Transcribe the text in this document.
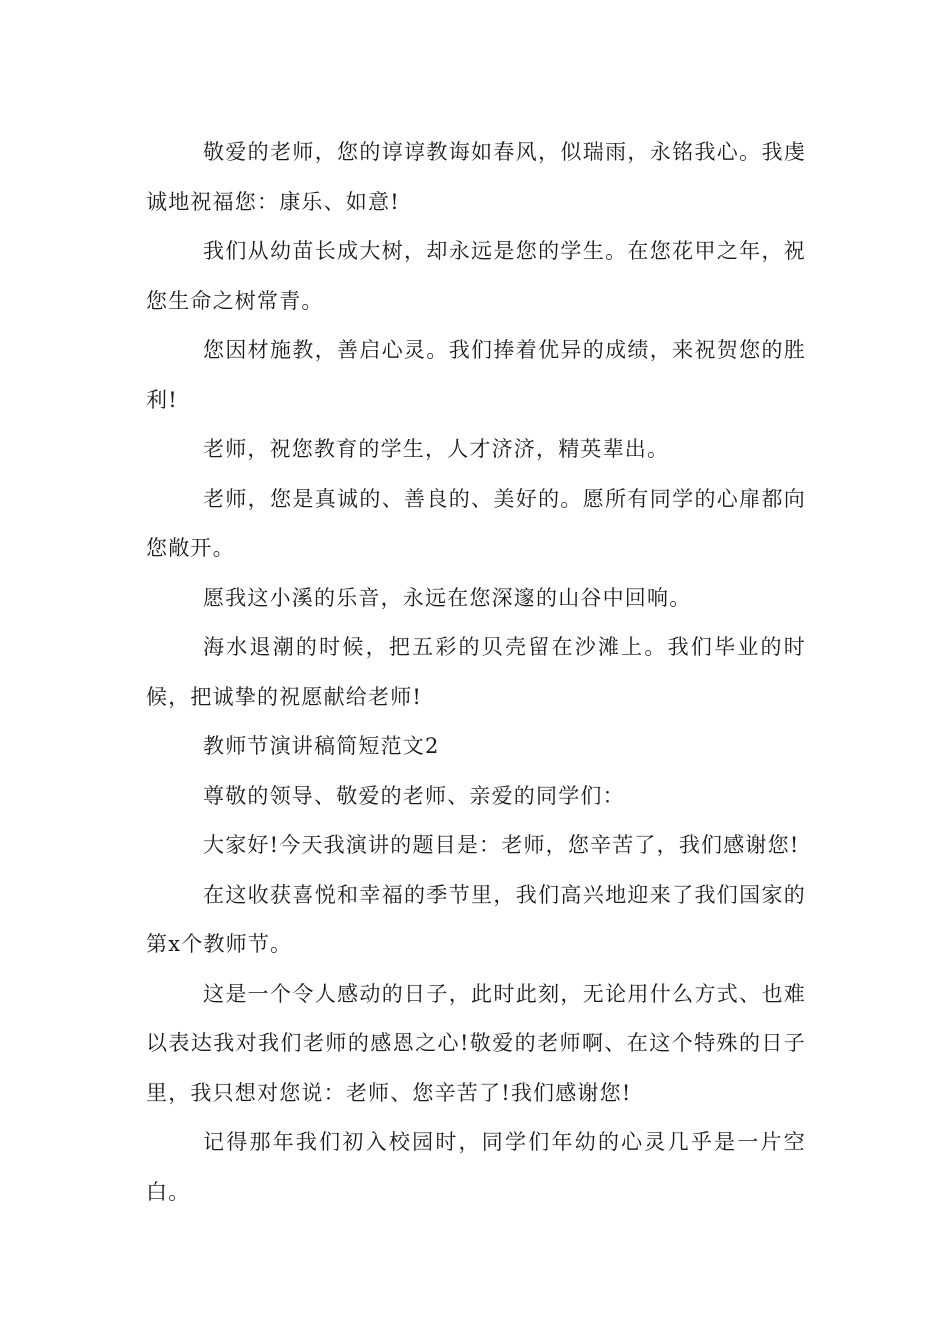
敬爱的老师，您的谆谆教诲如春风，似瑞雨，永铭我心。我虔诚地祝福您：康乐、如意!

我们从幼苗长成大树，却永远是您的学生。在您花甲之年，祝您生命之树常青。

您因材施教，善启心灵。我们捧着优异的成绩，来祝贺您的胜利!

老师，祝您教育的学生，人才济济，精英辈出。

老师，您是真诚的、善良的、美好的。愿所有同学的心扉都向您敞开。

愿我这小溪的乐音，永远在您深邃的山谷中回响。

海水退潮的时候，把五彩的贝壳留在沙滩上。我们毕业的时候，把诚挚的祝愿献给老师!

教师节演讲稿简短范文2

尊敬的领导、敬爱的老师、亲爱的同学们：

大家好!今天我演讲的题目是：老师，您辛苦了，我们感谢您!

在这收获喜悦和幸福的季节里，我们高兴地迎来了我们国家的第x个教师节。

这是一个令人感动的日子，此时此刻，无论用什么方式、也难以表达我对我们老师的感恩之心!敬爱的老师啊、在这个特殊的日子里，我只想对您说：老师、您辛苦了!我们感谢您!

记得那年我们初入校园时，同学们年幼的心灵几乎是一片空白。
